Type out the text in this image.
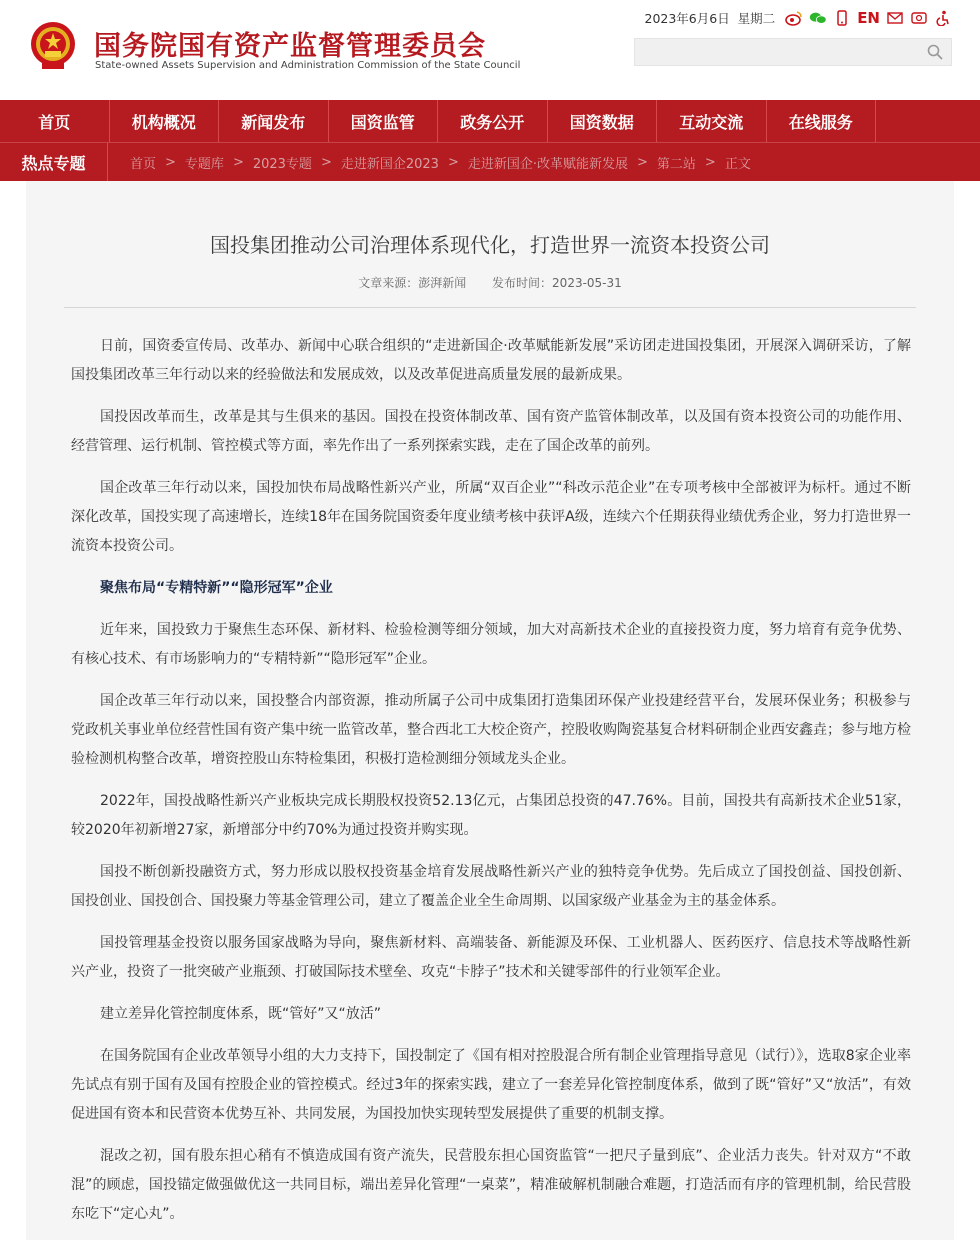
国务院国有资产监督管理委员会
State-owned Assets Supervision and Administration Commission of the State Council
2023年6月6日 星期二	EN
首页	机构概况	新闻发布	国资监管	政务公开	国资数据	互动交流	在线服务
热点专题	首页 > 专题库 > 2023专题 > 走进新国企2023 > 走进新国企·改革赋能新发展 > 第二站 > 正文
国投集团推动公司治理体系现代化，打造世界一流资本投资公司
文章来源：澎湃新闻 发布时间：2023-05-31

日前，国资委宣传局、改革办、新闻中心联合组织的“走进新国企·改革赋能新发展”采访团走进国投集团，开展深入调研采访，了解国投集团改革三年行动以来的经验做法和发展成效，以及改革促进高质量发展的最新成果。

国投因改革而生，改革是其与生俱来的基因。国投在投资体制改革、国有资产监管体制改革，以及国有资本投资公司的功能作用、经营管理、运行机制、管控模式等方面，率先作出了一系列探索实践，走在了国企改革的前列。

国企改革三年行动以来，国投加快布局战略性新兴产业，所属“双百企业”“科改示范企业”在专项考核中全部被评为标杆。通过不断深化改革，国投实现了高速增长，连续18年在国务院国资委年度业绩考核中获评A级，连续六个任期获得业绩优秀企业，努力打造世界一流资本投资公司。

聚焦布局“专精特新”“隐形冠军”企业

近年来，国投致力于聚焦生态环保、新材料、检验检测等细分领域，加大对高新技术企业的直接投资力度，努力培育有竞争优势、有核心技术、有市场影响力的“专精特新”“隐形冠军”企业。

国企改革三年行动以来，国投整合内部资源，推动所属子公司中成集团打造集团环保产业投建经营平台，发展环保业务；积极参与党政机关事业单位经营性国有资产集中统一监管改革，整合西北工大校企资产，控股收购陶瓷基复合材料研制企业西安鑫垚；参与地方检验检测机构整合改革，增资控股山东特检集团，积极打造检测细分领域龙头企业。

2022年，国投战略性新兴产业板块完成长期股权投资52.13亿元，占集团总投资的47.76%。目前，国投共有高新技术企业51家，较2020年初新增27家，新增部分中约70%为通过投资并购实现。

国投不断创新投融资方式，努力形成以股权投资基金培育发展战略性新兴产业的独特竞争优势。先后成立了国投创益、国投创新、国投创业、国投创合、国投聚力等基金管理公司，建立了覆盖企业全生命周期、以国家级产业基金为主的基金体系。

国投管理基金投资以服务国家战略为导向，聚焦新材料、高端装备、新能源及环保、工业机器人、医药医疗、信息技术等战略性新兴产业，投资了一批突破产业瓶颈、打破国际技术壁垒、攻克“卡脖子”技术和关键零部件的行业领军企业。

建立差异化管控制度体系，既“管好”又“放活”

在国务院国有企业改革领导小组的大力支持下，国投制定了《国有相对控股混合所有制企业管理指导意见（试行）》，选取8家企业率先试点有别于国有及国有控股企业的管控模式。经过3年的探索实践，建立了一套差异化管控制度体系，做到了既“管好”又“放活”，有效促进国有资本和民营资本优势互补、共同发展，为国投加快实现转型发展提供了重要的机制支撑。

混改之初，国有股东担心稍有不慎造成国有资产流失，民营股东担心国资监管“一把尺子量到底”、企业活力丧失。针对双方“不敢混”的顾虑，国投锚定做强做优这一共同目标，端出差异化管理“一桌菜”，精准破解机制融合难题，打造活而有序的管理机制，给民营股东吃下“定心丸”。
